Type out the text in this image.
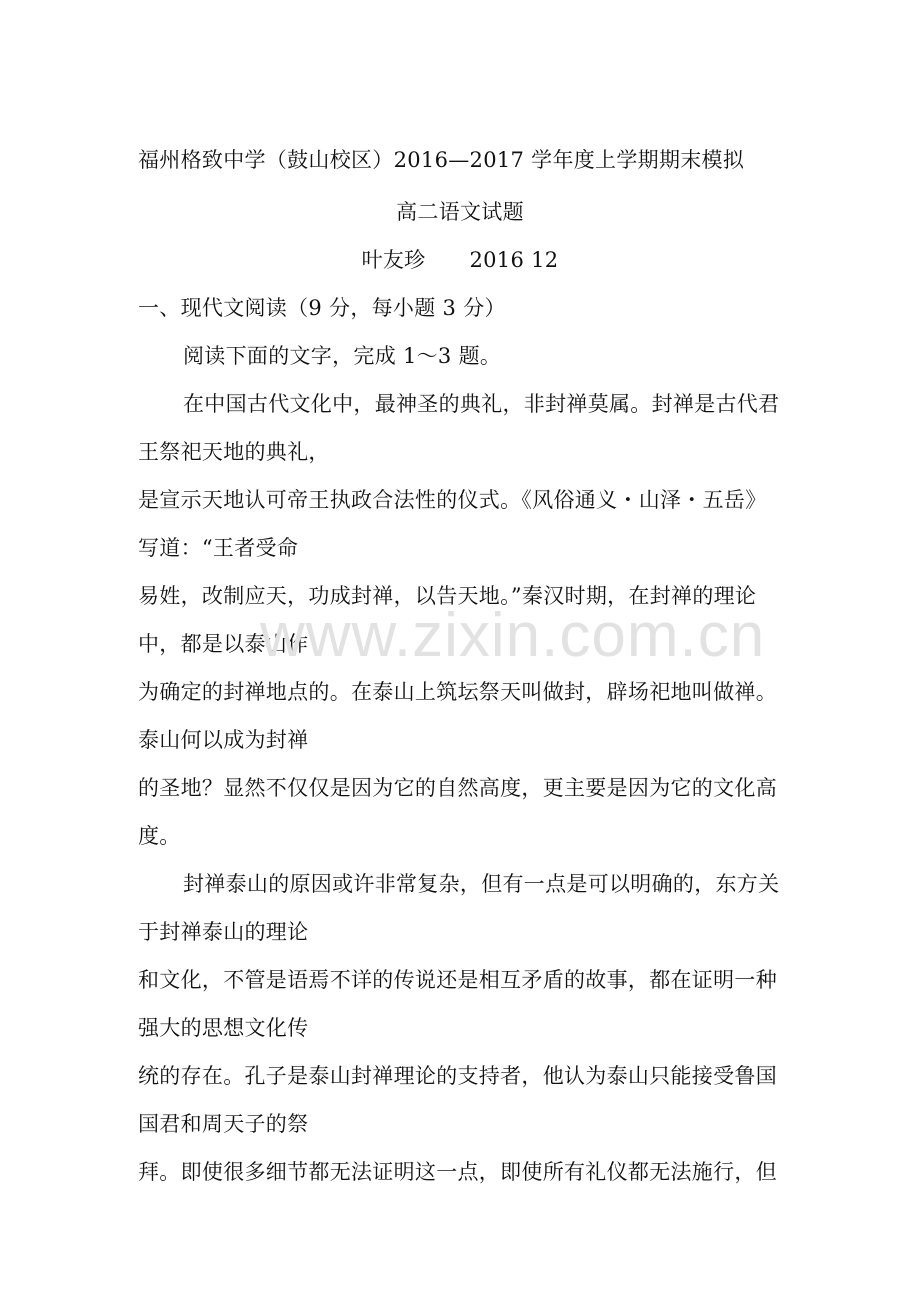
福州格致中学（鼓山校区）2016—2017 学年度上学期期末模拟
高二语文试题
叶友珍 2016 12
一、现代文阅读（9 分，每小题 3 分）
阅读下面的文字，完成 1～3 题。
在中国古代文化中，最神圣的典礼，非封禅莫属。封禅是古代君
王祭祀天地的典礼，
是宣示天地认可帝王执政合法性的仪式。《风俗通义・山泽・五岳》
写道：“王者受命
易姓，改制应天，功成封禅，以告天地。”秦汉时期，在封禅的理论
中，都是以泰山作
为确定的封禅地点的。在泰山上筑坛祭天叫做封，辟场祀地叫做禅。
泰山何以成为封禅
的圣地？显然不仅仅是因为它的自然高度，更主要是因为它的文化高
度。
封禅泰山的原因或许非常复杂，但有一点是可以明确的，东方关
于封禅泰山的理论
和文化，不管是语焉不详的传说还是相互矛盾的故事，都在证明一种
强大的思想文化传
统的存在。孔子是泰山封禅理论的支持者，他认为泰山只能接受鲁国
国君和周天子的祭
拜。即使很多细节都无法证明这一点，即使所有礼仪都无法施行，但
www.zixin.com.cn
